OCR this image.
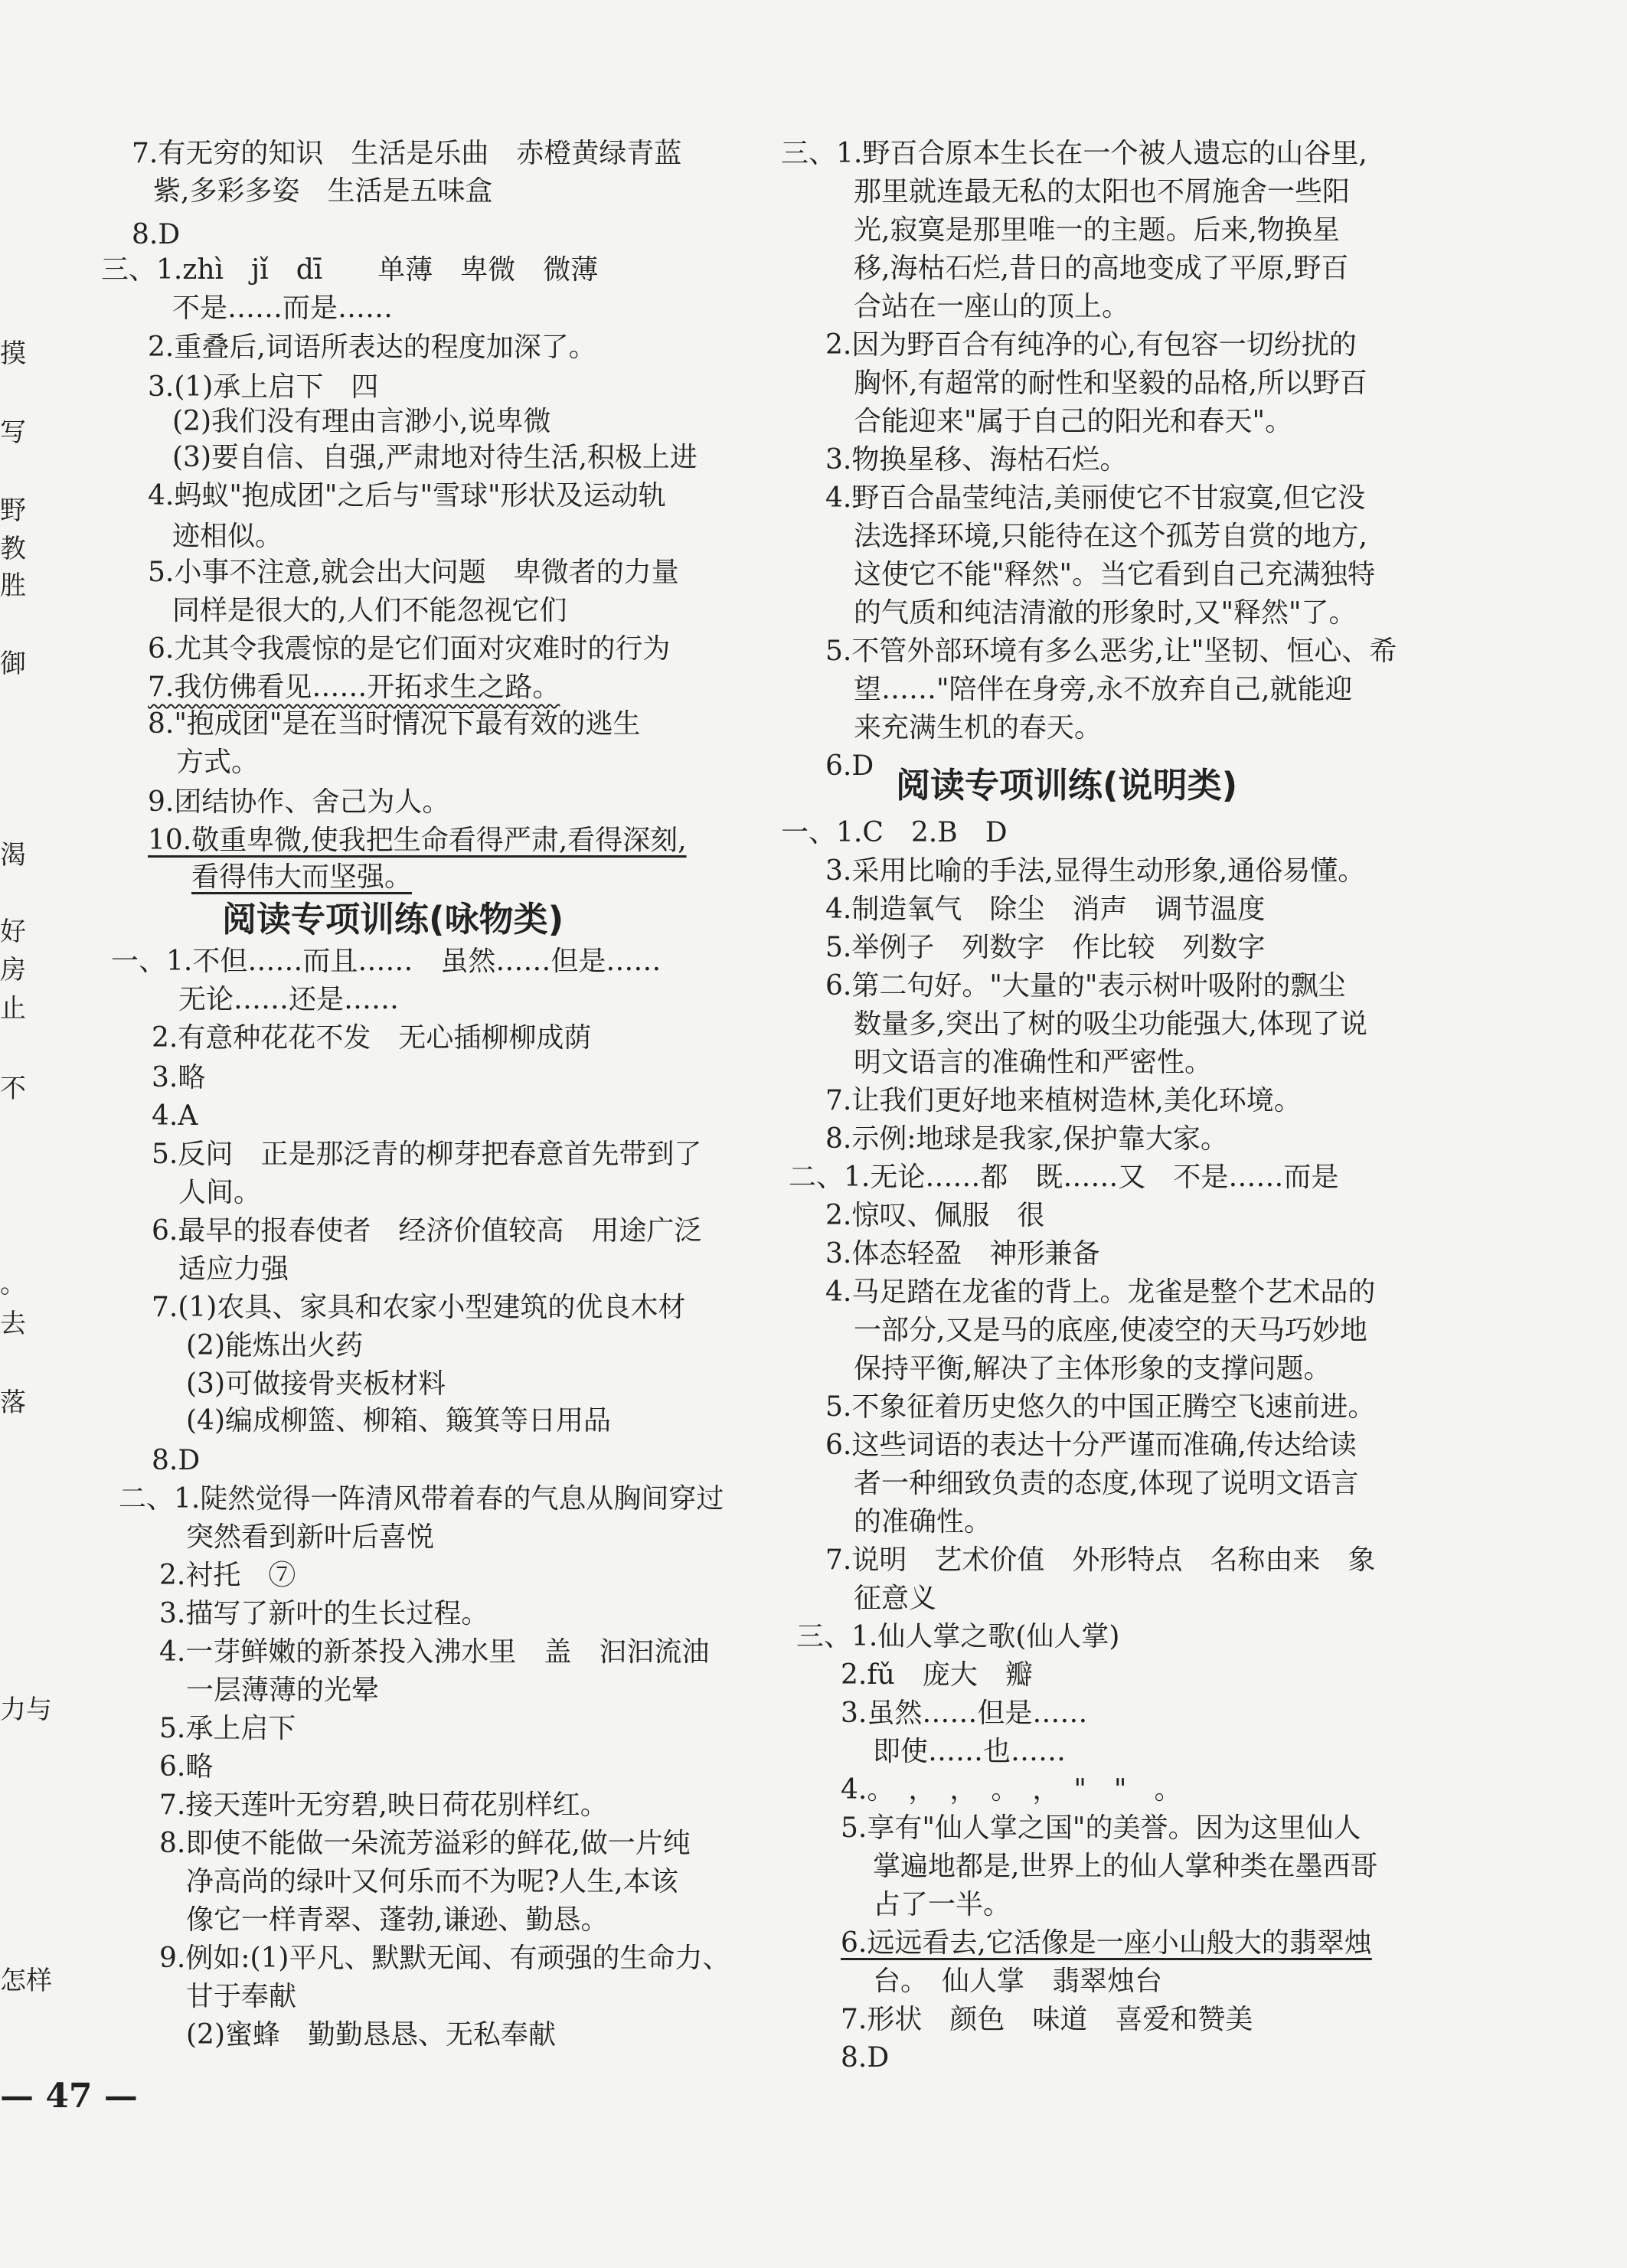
摸
写
野
教
胜
御
渴
好
房
止
不
。
去
落
力与
怎样
7.有无穷的知识　生活是乐曲　赤橙黄绿青蓝
紫,多彩多姿　生活是五味盒
8.D
三、1.zhì　jǐ　dī　　单薄　卑微　微薄
不是……而是……
2.重叠后,词语所表达的程度加深了。
3.(1)承上启下　四
(2)我们没有理由言渺小,说卑微
(3)要自信、自强,严肃地对待生活,积极上进
4.蚂蚁"抱成团"之后与"雪球"形状及运动轨
迹相似。
5.小事不注意,就会出大问题　卑微者的力量
同样是很大的,人们不能忽视它们
6.尤其令我震惊的是它们面对灾难时的行为
7.我仿佛看见……开拓求生之路。
8."抱成团"是在当时情况下最有效的逃生
方式。
9.团结协作、舍己为人。
10.敬重卑微,使我把生命看得严肃,看得深刻,
看得伟大而坚强。
阅读专项训练(咏物类)
一、1.不但……而且……　虽然……但是……
无论……还是……
2.有意种花花不发　无心插柳柳成荫
3.略
4.A
5.反问　正是那泛青的柳芽把春意首先带到了
人间。
6.最早的报春使者　经济价值较高　用途广泛
适应力强
7.(1)农具、家具和农家小型建筑的优良木材
(2)能炼出火药
(3)可做接骨夹板材料
(4)编成柳篮、柳箱、簸箕等日用品
8.D
二、1.陡然觉得一阵清风带着春的气息从胸间穿过
突然看到新叶后喜悦
2.衬托　⑦
3.描写了新叶的生长过程。
4.一芽鲜嫩的新茶投入沸水里　盖　汩汩流油
一层薄薄的光晕
5.承上启下
6.略
7.接天莲叶无穷碧,映日荷花别样红。
8.即使不能做一朵流芳溢彩的鲜花,做一片纯
净高尚的绿叶又何乐而不为呢?人生,本该
像它一样青翠、蓬勃,谦逊、勤恳。
9.例如:(1)平凡、默默无闻、有顽强的生命力、
甘于奉献
(2)蜜蜂　勤勤恳恳、无私奉献
— 47 —
三、1.野百合原本生长在一个被人遗忘的山谷里,
那里就连最无私的太阳也不屑施舍一些阳
光,寂寞是那里唯一的主题。后来,物换星
移,海枯石烂,昔日的高地变成了平原,野百
合站在一座山的顶上。
2.因为野百合有纯净的心,有包容一切纷扰的
胸怀,有超常的耐性和坚毅的品格,所以野百
合能迎来"属于自己的阳光和春天"。
3.物换星移、海枯石烂。
4.野百合晶莹纯洁,美丽使它不甘寂寞,但它没
法选择环境,只能待在这个孤芳自赏的地方,
这使它不能"释然"。当它看到自己充满独特
的气质和纯洁清澈的形象时,又"释然"了。
5.不管外部环境有多么恶劣,让"坚韧、恒心、希
望……"陪伴在身旁,永不放弃自己,就能迎
来充满生机的春天。
6.D 阅读专项训练(说明类)
一、1.C　2.B　D
3.采用比喻的手法,显得生动形象,通俗易懂。
4.制造氧气　除尘　消声　调节温度
5.举例子　列数字　作比较　列数字
6.第二句好。"大量的"表示树叶吸附的飘尘
数量多,突出了树的吸尘功能强大,体现了说
明文语言的准确性和严密性。
7.让我们更好地来植树造林,美化环境。
8.示例:地球是我家,保护靠大家。
二、1.无论……都　既……又　不是……而是
2.惊叹、佩服　很
3.体态轻盈　神形兼备
4.马足踏在龙雀的背上。龙雀是整个艺术品的
一部分,又是马的底座,使凌空的天马巧妙地
保持平衡,解决了主体形象的支撑问题。
5.不象征着历史悠久的中国正腾空飞速前进。
6.这些词语的表达十分严谨而准确,传达给读
者一种细致负责的态度,体现了说明文语言
的准确性。
7.说明　艺术价值　外形特点　名称由来　象
征意义
三、1.仙人掌之歌(仙人掌)
2.fǔ　庞大　瓣
3.虽然……但是……
即使……也……
4.。　，　，　。　，　"　"　。
5.享有"仙人掌之国"的美誉。因为这里仙人
掌遍地都是,世界上的仙人掌种类在墨西哥
占了一半。
6.远远看去,它活像是一座小山般大的翡翠烛
台。　仙人掌　翡翠烛台
7.形状　颜色　味道　喜爱和赞美
8.D
